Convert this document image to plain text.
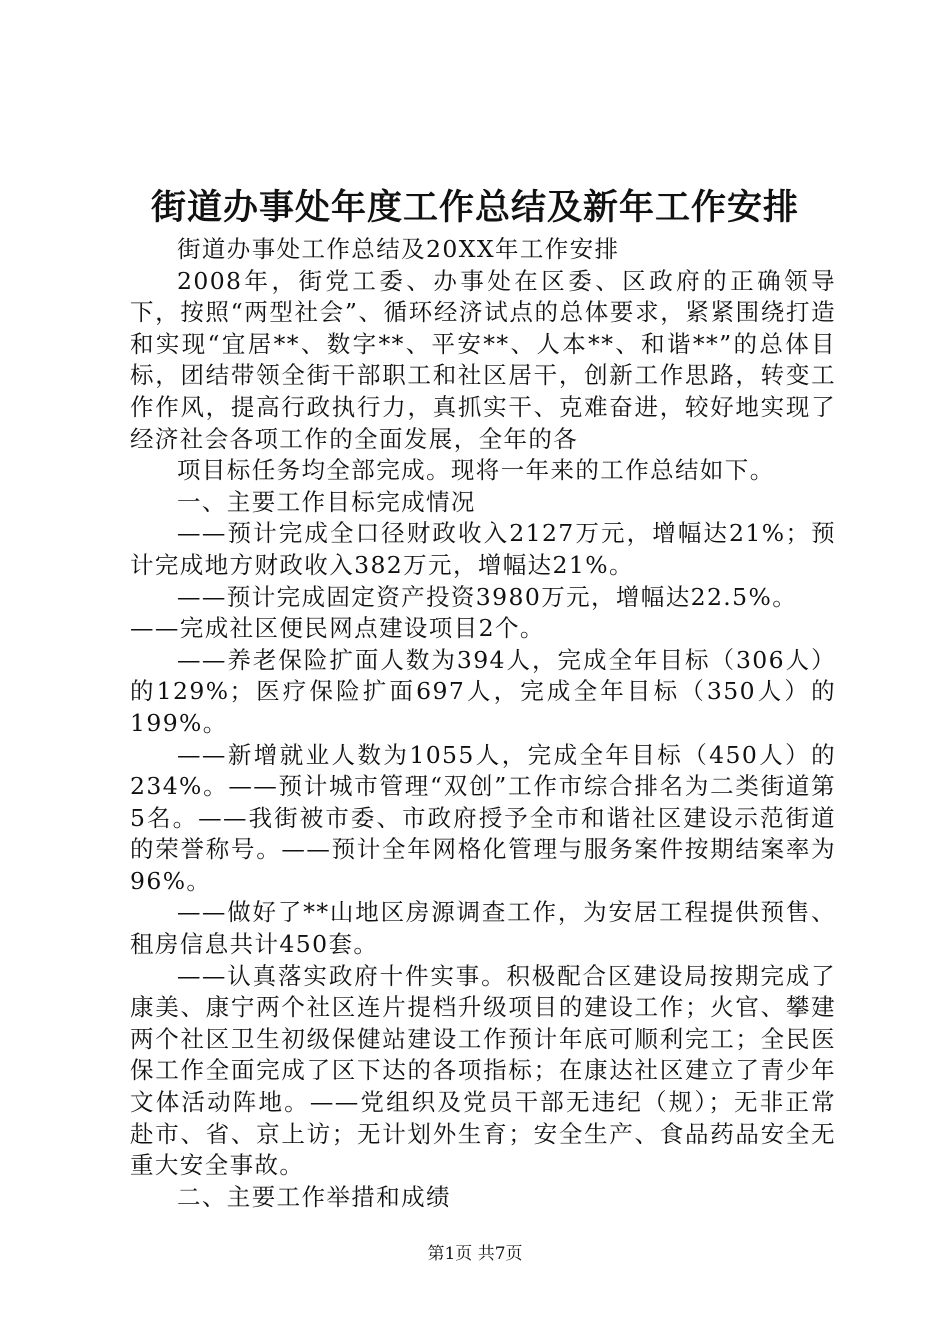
街道办事处年度工作总结及新年工作安排

街道办事处工作总结及20XX年工作安排

2008年，街党工委、办事处在区委、区政府的正确领导下，按照“两型社会”、循环经济试点的总体要求，紧紧围绕打造和实现“宜居**、数字**、平安**、人本**、和谐**”的总体目标，团结带领全街干部职工和社区居干，创新工作思路，转变工作作风，提高行政执行力，真抓实干、克难奋进，较好地实现了经济社会各项工作的全面发展，全年的各

项目标任务均全部完成。现将一年来的工作总结如下。

一、主要工作目标完成情况

——预计完成全口径财政收入2127万元，增幅达21%；预计完成地方财政收入382万元，增幅达21%。

——预计完成固定资产投资3980万元，增幅达22.5%。

——完成社区便民网点建设项目2个。

——养老保险扩面人数为394人，完成全年目标（306人）的129%；医疗保险扩面697人，完成全年目标（350人）的199%。

——新增就业人数为1055人，完成全年目标（450人）的234%。——预计城市管理“双创”工作市综合排名为二类街道第5名。——我街被市委、市政府授予全市和谐社区建设示范街道的荣誉称号。——预计全年网格化管理与服务案件按期结案率为96%。

——做好了**山地区房源调查工作，为安居工程提供预售、租房信息共计450套。

——认真落实政府十件实事。积极配合区建设局按期完成了康美、康宁两个社区连片提档升级项目的建设工作；火官、攀建两个社区卫生初级保健站建设工作预计年底可顺利完工；全民医保工作全面完成了区下达的各项指标；在康达社区建立了青少年文体活动阵地。——党组织及党员干部无违纪（规）；无非正常赴市、省、京上访；无计划外生育；安全生产、食品药品安全无重大安全事故。

二、主要工作举措和成绩

第1页 共7页
